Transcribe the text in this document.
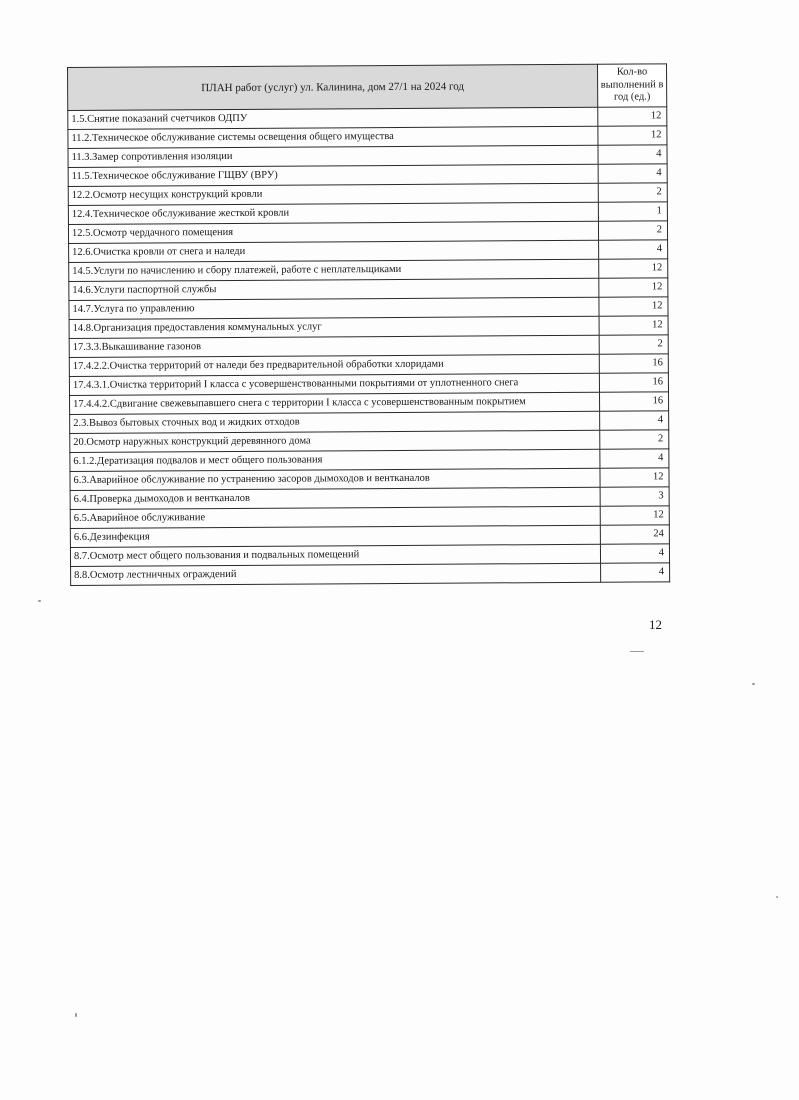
ПЛАН работ (услуг) ул. Калинина, дом 27/1 на 2024 год	Кол-во выполнений в год (ед.)
1.5.Снятие показаний счетчиков ОДПУ	12
11.2.Техническое обслуживание системы освещения общего имущества	12
11.3.Замер сопротивления изоляции	4
11.5.Техническое обслуживание ГЩВУ (ВРУ)	4
12.2.Осмотр несущих конструкций кровли	2
12.4.Техническое обслуживание жесткой кровли	1
12.5.Осмотр чердачного помещения	2
12.6.Очистка кровли от снега и наледи	4
14.5.Услуги по начислению и сбору платежей, работе с неплательщиками	12
14.6.Услуги паспортной службы	12
14.7.Услуга по управлению	12
14.8.Организация предоставления коммунальных услуг	12
17.3.3.Выкашивание газонов	2
17.4.2.2.Очистка территорий от наледи без предварительной обработки хлоридами	16
17.4.3.1.Очистка территорий I класса с усовершенствованными покрытиями от уплотненного снега	16
17.4.4.2.Сдвигание свежевыпавшего снега с территории I класса с усовершенствованным покрытием	16
2.3.Вывоз бытовых сточных вод и жидких отходов	4
20.Осмотр наружных конструкций деревянного дома	2
6.1.2.Дератизация подвалов и мест общего пользования	4
6.3.Аварийное обслуживание по устранению засоров дымоходов и вентканалов	12
6.4.Проверка дымоходов и вентканалов	3
6.5.Аварийное обслуживание	12
6.6.Дезинфекция	24
8.7.Осмотр мест общего пользования и подвальных помещений	4
8.8.Осмотр лестничных ограждений	4
12
